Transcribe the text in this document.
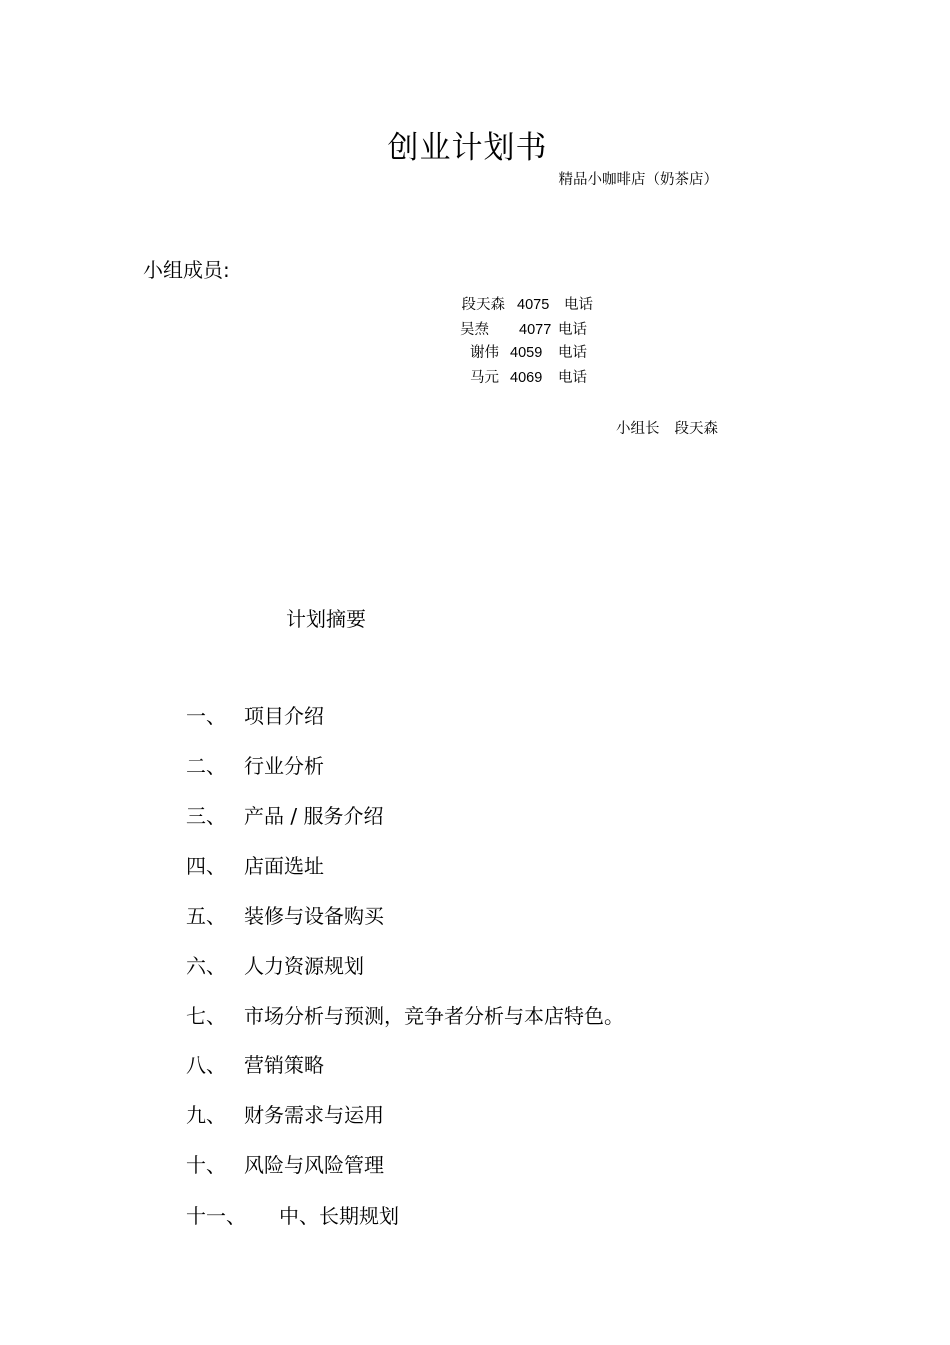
创业计划书
精品小咖啡店（奶茶店）
小组成员:
段天森 4075 电话
吴焘 4077 电话
谢伟 4059 电话
马元 4069 电话
小组长 段天森
计划摘要
一、 项目介绍
二、 行业分析
三、 产品 / 服务介绍
四、 店面选址
五、 装修与设备购买
六、 人力资源规划
七、 市场分析与预测，竞争者分析与本店特色。
八、 营销策略
九、 财务需求与运用
十、 风险与风险管理
十一、 中、长期规划
